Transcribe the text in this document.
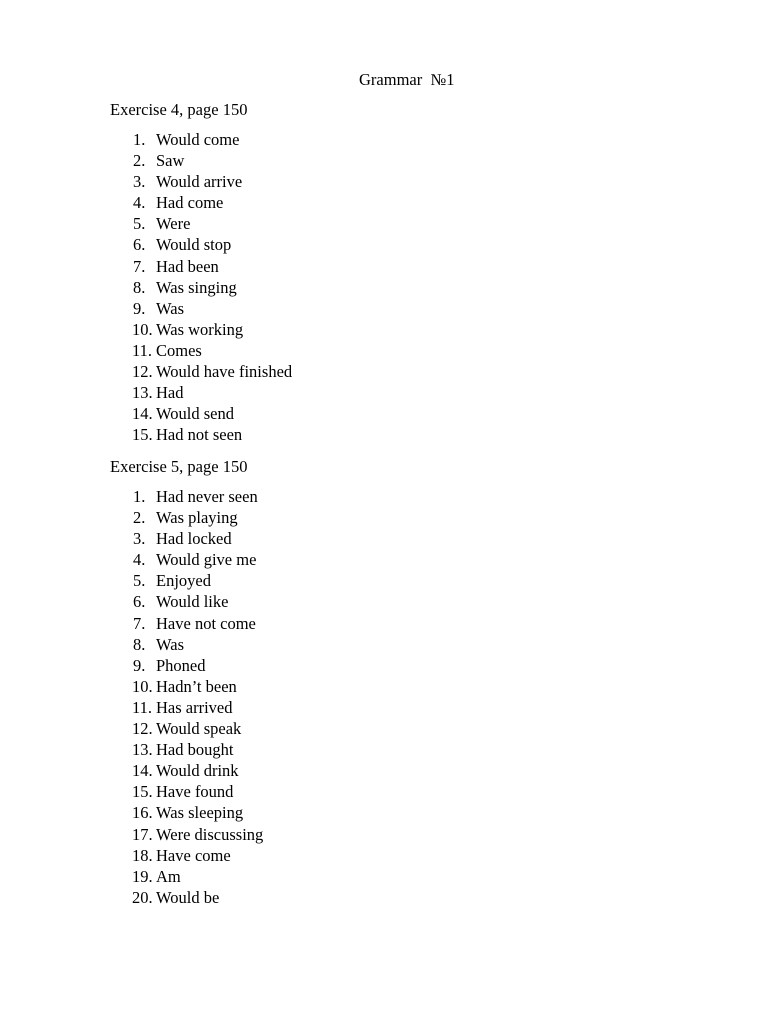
Grammar  №1
Exercise 4, page 150
1. Would come
2. Saw
3. Would arrive
4. Had come
5. Were
6. Would stop
7. Had been
8. Was singing
9. Was
10. Was working
11. Comes
12. Would have finished
13. Had
14. Would send
15. Had not seen
Exercise 5, page 150
1. Had never seen
2. Was playing
3. Had locked
4. Would give me
5. Enjoyed
6. Would like
7. Have not come
8. Was
9. Phoned
10. Hadn’t been
11. Has arrived
12. Would speak
13. Had bought
14. Would drink
15. Have found
16. Was sleeping
17. Were discussing
18. Have come
19. Am
20. Would be
